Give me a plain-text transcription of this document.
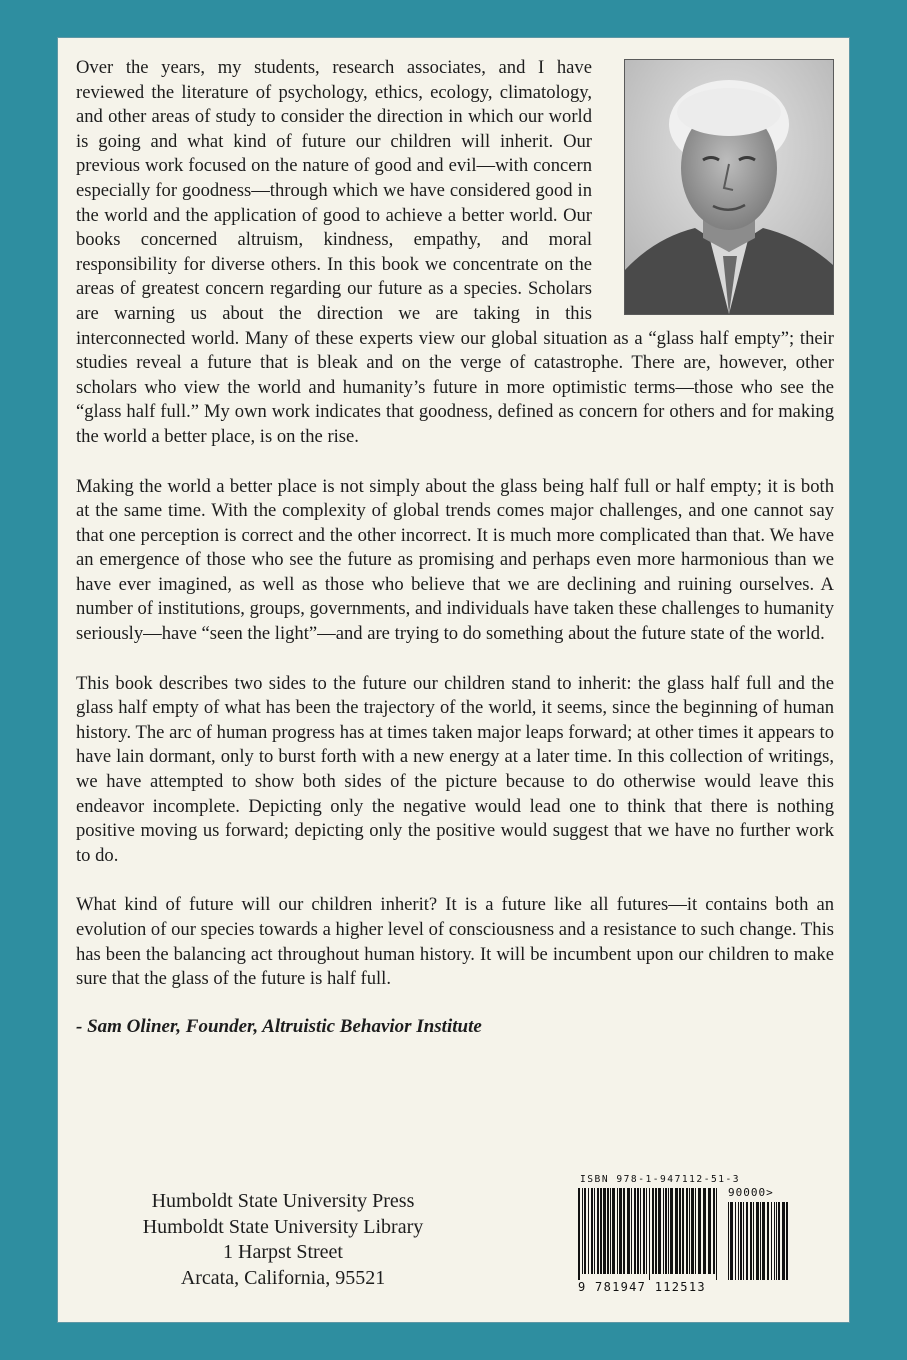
Over the years, my students, research associates, and I have reviewed the literature of psychology, ethics, ecology, climatology, and other areas of study to consider the direction in which our world is going and what kind of future our children will inherit. Our previous work focused on the nature of good and evil—with concern especially for goodness—through which we have considered good in the world and the application of good to achieve a better world. Our books concerned altruism, kindness, empathy, and moral responsibility for diverse others. In this book we concentrate on the areas of greatest concern regarding our future as a species. Scholars are warning us about the direction we are taking in this interconnected world. Many of these experts view our global situation as a “glass half empty”; their studies reveal a future that is bleak and on the verge of catastrophe. There are, however, other scholars who view the world and humanity’s future in more optimistic terms—those who see the “glass half full.” My own work indicates that goodness, defined as concern for others and for making the world a better place, is on the rise.

Making the world a better place is not simply about the glass being half full or half empty; it is both at the same time. With the complexity of global trends comes major challenges, and one cannot say that one perception is correct and the other incorrect. It is much more complicated than that. We have an emergence of those who see the future as promising and perhaps even more harmonious than we have ever imagined, as well as those who believe that we are declining and ruining ourselves. A number of institutions, groups, governments, and individuals have taken these challenges to humanity seriously—have “seen the light”—and are trying to do something about the future state of the world.

This book describes two sides to the future our children stand to inherit: the glass half full and the glass half empty of what has been the trajectory of the world, it seems, since the beginning of human history. The arc of human progress has at times taken major leaps forward; at other times it appears to have lain dormant, only to burst forth with a new energy at a later time. In this collection of writings, we have attempted to show both sides of the picture because to do otherwise would leave this endeavor incomplete. Depicting only the negative would lead one to think that there is nothing positive moving us forward; depicting only the positive would suggest that we have no further work to do.

What kind of future will our children inherit? It is a future like all futures—it contains both an evolution of our species towards a higher level of consciousness and a resistance to such change. This has been the balancing act throughout human history. It will be incumbent upon our children to make sure that the glass of the future is half full.

- Sam Oliner, Founder, Altruistic Behavior Institute
Humboldt State University Press
Humboldt State University Library
1 Harpst Street
Arcata, California, 95521
ISBN 978-1-947112-51-3
90000>
9 781947 112513
